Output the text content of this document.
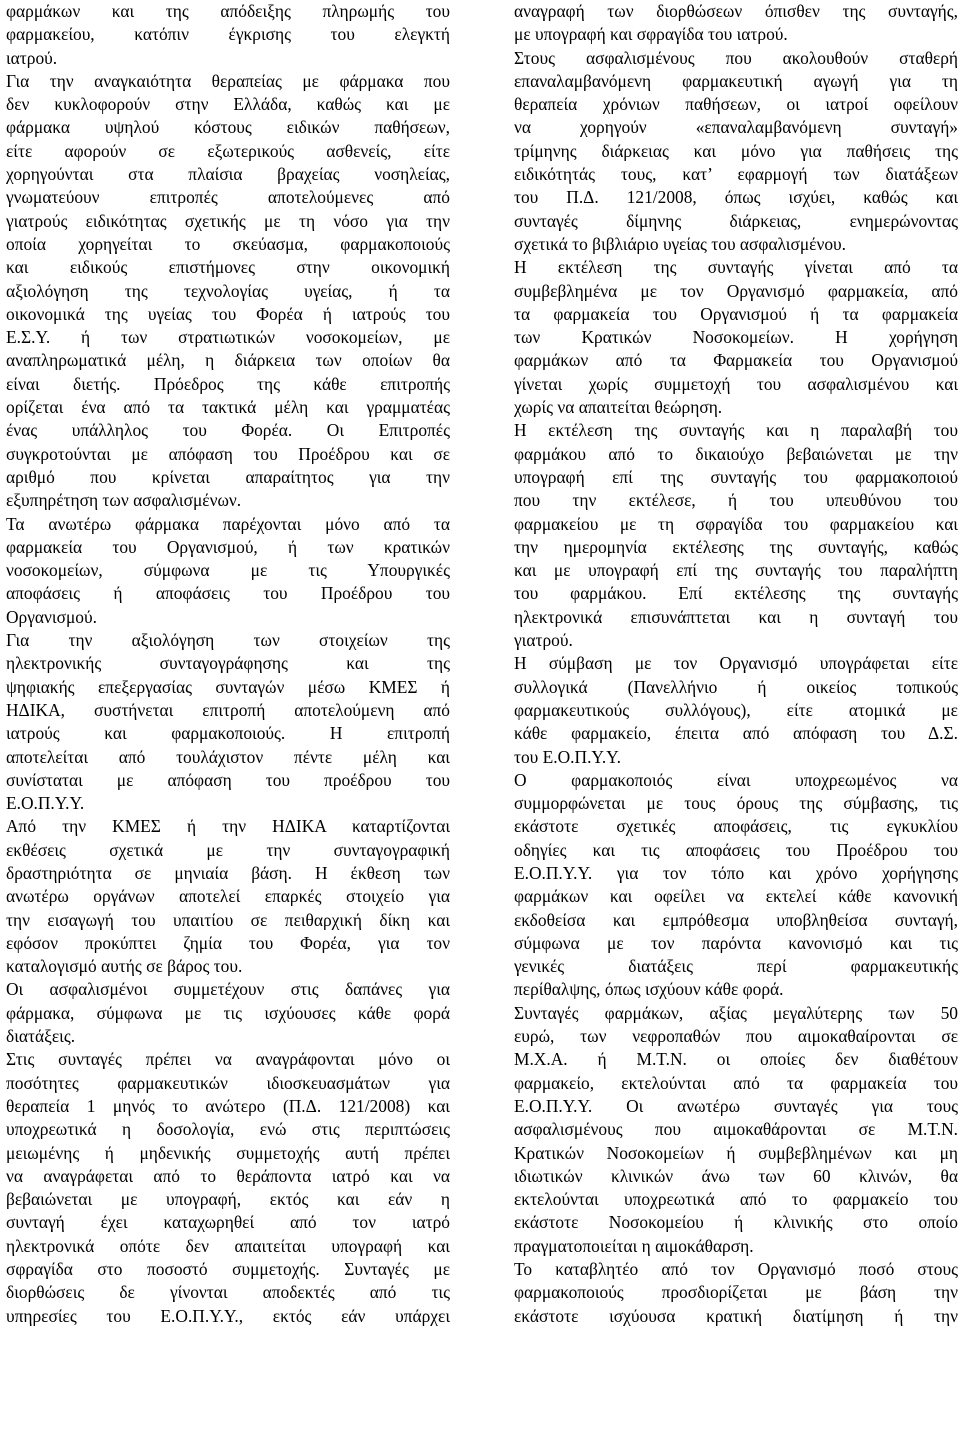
φαρμάκων και της απόδειξης πληρωμής του
φαρμακείου, κατόπιν έγκρισης του ελεγκτή
ιατρού.

Για την αναγκαιότητα θεραπείας με φάρμακα που
δεν κυκλοφορούν στην Ελλάδα, καθώς και με
φάρμακα υψηλού κόστους ειδικών παθήσεων,
είτε αφορούν σε εξωτερικούς ασθενείς, είτε
χορηγούνται στα πλαίσια βραχείας νοσηλείας,
γνωματεύουν επιτροπές αποτελούμενες από
γιατρούς ειδικότητας σχετικής με τη νόσο για την
οποία χορηγείται το σκεύασμα, φαρμακοποιούς
και ειδικούς επιστήμονες στην οικονομική
αξιολόγηση της τεχνολογίας υγείας, ή τα
οικονομικά της υγείας του Φορέα ή ιατρούς του
Ε.Σ.Υ. ή των στρατιωτικών νοσοκομείων, με
αναπληρωματικά μέλη, η διάρκεια των οποίων θα
είναι διετής. Πρόεδρος της κάθε επιτροπής
ορίζεται ένα από τα τακτικά μέλη και γραμματέας
ένας υπάλληλος του Φορέα. Οι Επιτροπές
συγκροτούνται με απόφαση του Προέδρου και σε
αριθμό που κρίνεται απαραίτητος για την
εξυπηρέτηση των ασφαλισμένων.

Τα ανωτέρω φάρμακα παρέχονται μόνο από τα
φαρμακεία του Οργανισμού, ή των κρατικών
νοσοκομείων, σύμφωνα με τις Υπουργικές
αποφάσεις ή αποφάσεις του Προέδρου του
Οργανισμού.

Για την αξιολόγηση των στοιχείων της
ηλεκτρονικής συνταγογράφησης και της
ψηφιακής επεξεργασίας συνταγών μέσω ΚΜΕΣ ή
ΗΔΙΚΑ, συστήνεται επιτροπή αποτελούμενη από
ιατρούς και φαρμακοποιούς. Η επιτροπή
αποτελείται από τουλάχιστον πέντε μέλη και
συνίσταται με απόφαση του προέδρου του
Ε.Ο.Π.Υ.Υ.

Από την ΚΜΕΣ ή την ΗΔΙΚΑ καταρτίζονται
εκθέσεις σχετικά με την συνταγογραφική
δραστηριότητα σε μηνιαία βάση. Η έκθεση των
ανωτέρω οργάνων αποτελεί επαρκές στοιχείο για
την εισαγωγή του υπαιτίου σε πειθαρχική δίκη και
εφόσον προκύπτει ζημία του Φορέα, για τον
καταλογισμό αυτής σε βάρος του.

Οι ασφαλισμένοι συμμετέχουν στις δαπάνες για
φάρμακα, σύμφωνα με τις ισχύουσες κάθε φορά
διατάξεις.

Στις συνταγές πρέπει να αναγράφονται μόνο οι
ποσότητες φαρμακευτικών ιδιοσκευασμάτων για
θεραπεία 1 μηνός το ανώτερο (Π.Δ. 121/2008) και
υποχρεωτικά η δοσολογία, ενώ στις περιπτώσεις
μειωμένης ή μηδενικής συμμετοχής αυτή πρέπει
να αναγράφεται από το θεράποντα ιατρό και να
βεβαιώνεται με υπογραφή, εκτός και εάν η
συνταγή έχει καταχωρηθεί από τον ιατρό
ηλεκτρονικά οπότε δεν απαιτείται υπογραφή και
σφραγίδα στο ποσοστό συμμετοχής. Συνταγές με
διορθώσεις δε γίνονται αποδεκτές από τις
υπηρεσίες του Ε.Ο.Π.Υ.Υ., εκτός εάν υπάρχει

αναγραφή των διορθώσεων όπισθεν της συνταγής,
με υπογραφή και σφραγίδα του ιατρού.

Στους ασφαλισμένους που ακολουθούν σταθερή
επαναλαμβανόμενη φαρμακευτική αγωγή για τη
θεραπεία χρόνιων παθήσεων, οι ιατροί οφείλουν
να χορηγούν «επαναλαμβανόμενη συνταγή»
τρίμηνης διάρκειας και μόνο για παθήσεις της
ειδικότητάς τους, κατ’ εφαρμογή των διατάξεων
του Π.Δ. 121/2008, όπως ισχύει, καθώς και
συνταγές δίμηνης διάρκειας, ενημερώνοντας
σχετικά το βιβλιάριο υγείας του ασφαλισμένου.

Η εκτέλεση της συνταγής γίνεται από τα
συμβεβλημένα με τον Οργανισμό φαρμακεία, από
τα φαρμακεία του Οργανισμού ή τα φαρμακεία
των Κρατικών Νοσοκομείων. Η χορήγηση
φαρμάκων από τα Φαρμακεία του Οργανισμού
γίνεται χωρίς συμμετοχή του ασφαλισμένου και
χωρίς να απαιτείται θεώρηση.

Η εκτέλεση της συνταγής και η παραλαβή του
φαρμάκου από το δικαιούχο βεβαιώνεται με την
υπογραφή επί της συνταγής του φαρμακοποιού
που την εκτέλεσε, ή του υπευθύνου του
φαρμακείου με τη σφραγίδα του φαρμακείου και
την ημερομηνία εκτέλεσης της συνταγής, καθώς
και με υπογραφή επί της συνταγής του παραλήπτη
του φαρμάκου. Επί εκτέλεσης της συνταγής
ηλεκτρονικά επισυνάπτεται και η συνταγή του
γιατρού.

Η σύμβαση με τον Οργανισμό υπογράφεται είτε
συλλογικά (Πανελλήνιο ή οικείος τοπικούς
φαρμακευτικούς συλλόγους), είτε ατομικά με
κάθε φαρμακείο, έπειτα από απόφαση του Δ.Σ.
του Ε.Ο.Π.Υ.Υ.

Ο φαρμακοποιός είναι υποχρεωμένος να
συμμορφώνεται με τους όρους της σύμβασης, τις
εκάστοτε σχετικές αποφάσεις, τις εγκυκλίου
οδηγίες και τις αποφάσεις του Προέδρου του
Ε.Ο.Π.Υ.Υ. για τον τόπο και χρόνο χορήγησης
φαρμάκων και οφείλει να εκτελεί κάθε κανονική
εκδοθείσα και εμπρόθεσμα υποβληθείσα συνταγή,
σύμφωνα με τον παρόντα κανονισμό και τις
γενικές διατάξεις περί φαρμακευτικής
περίθαλψης, όπως ισχύουν κάθε φορά.

Συνταγές φαρμάκων, αξίας μεγαλύτερης των 50
ευρώ, των νεφροπαθών που αιμοκαθαίρονται σε
Μ.Χ.Α. ή Μ.Τ.Ν. οι οποίες δεν διαθέτουν
φαρμακείο, εκτελούνται από τα φαρμακεία του
Ε.Ο.Π.Υ.Υ. Οι ανωτέρω συνταγές για τους
ασφαλισμένους που αιμοκαθάρονται σε Μ.Τ.Ν.
Κρατικών Νοσοκομείων ή συμβεβλημένων και μη
ιδιωτικών κλινικών άνω των 60 κλινών, θα
εκτελούνται υποχρεωτικά από το φαρμακείο του
εκάστοτε Νοσοκομείου ή κλινικής στο οποίο
πραγματοποιείται η αιμοκάθαρση.

Το καταβλητέο από τον Οργανισμό ποσό στους
φαρμακοποιούς προσδιορίζεται με βάση την
εκάστοτε ισχύουσα κρατική διατίμηση ή την
